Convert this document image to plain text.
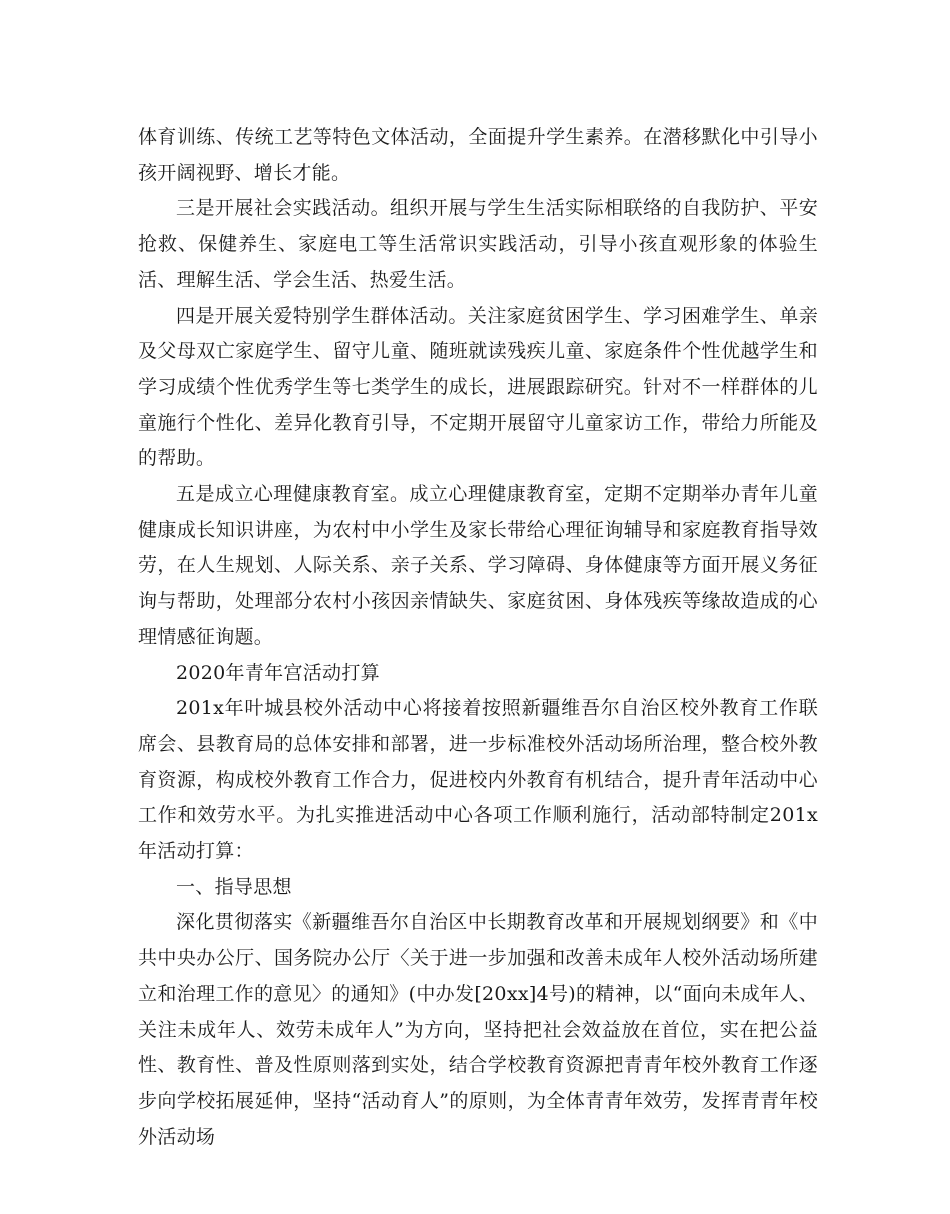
体育训练、传统工艺等特色文体活动，全面提升学生素养。在潜移默化中引导小孩开阔视野、增长才能。

三是开展社会实践活动。组织开展与学生生活实际相联络的自我防护、平安抢救、保健养生、家庭电工等生活常识实践活动，引导小孩直观形象的体验生活、理解生活、学会生活、热爱生活。

四是开展关爱特别学生群体活动。关注家庭贫困学生、学习困难学生、单亲及父母双亡家庭学生、留守儿童、随班就读残疾儿童、家庭条件个性优越学生和学习成绩个性优秀学生等七类学生的成长，进展跟踪研究。针对不一样群体的儿童施行个性化、差异化教育引导，不定期开展留守儿童家访工作，带给力所能及的帮助。

五是成立心理健康教育室。成立心理健康教育室，定期不定期举办青年儿童健康成长知识讲座，为农村中小学生及家长带给心理征询辅导和家庭教育指导效劳，在人生规划、人际关系、亲子关系、学习障碍、身体健康等方面开展义务征询与帮助，处理部分农村小孩因亲情缺失、家庭贫困、身体残疾等缘故造成的心理情感征询题。

2020年青年宫活动打算

201x年叶城县校外活动中心将接着按照新疆维吾尔自治区校外教育工作联席会、县教育局的总体安排和部署，进一步标准校外活动场所治理，整合校外教育资源，构成校外教育工作合力，促进校内外教育有机结合，提升青年活动中心工作和效劳水平。为扎实推进活动中心各项工作顺利施行，活动部特制定201x年活动打算：

一、指导思想

深化贯彻落实《新疆维吾尔自治区中长期教育改革和开展规划纲要》和《中共中央办公厅、国务院办公厅〈关于进一步加强和改善未成年人校外活动场所建立和治理工作的意见〉的通知》(中办发[20xx]4号)的精神，以“面向未成年人、关注未成年人、效劳未成年人”为方向，坚持把社会效益放在首位，实在把公益性、教育性、普及性原则落到实处，结合学校教育资源把青青年校外教育工作逐步向学校拓展延伸，坚持“活动育人”的原则，为全体青青年效劳，发挥青青年校外活动场
